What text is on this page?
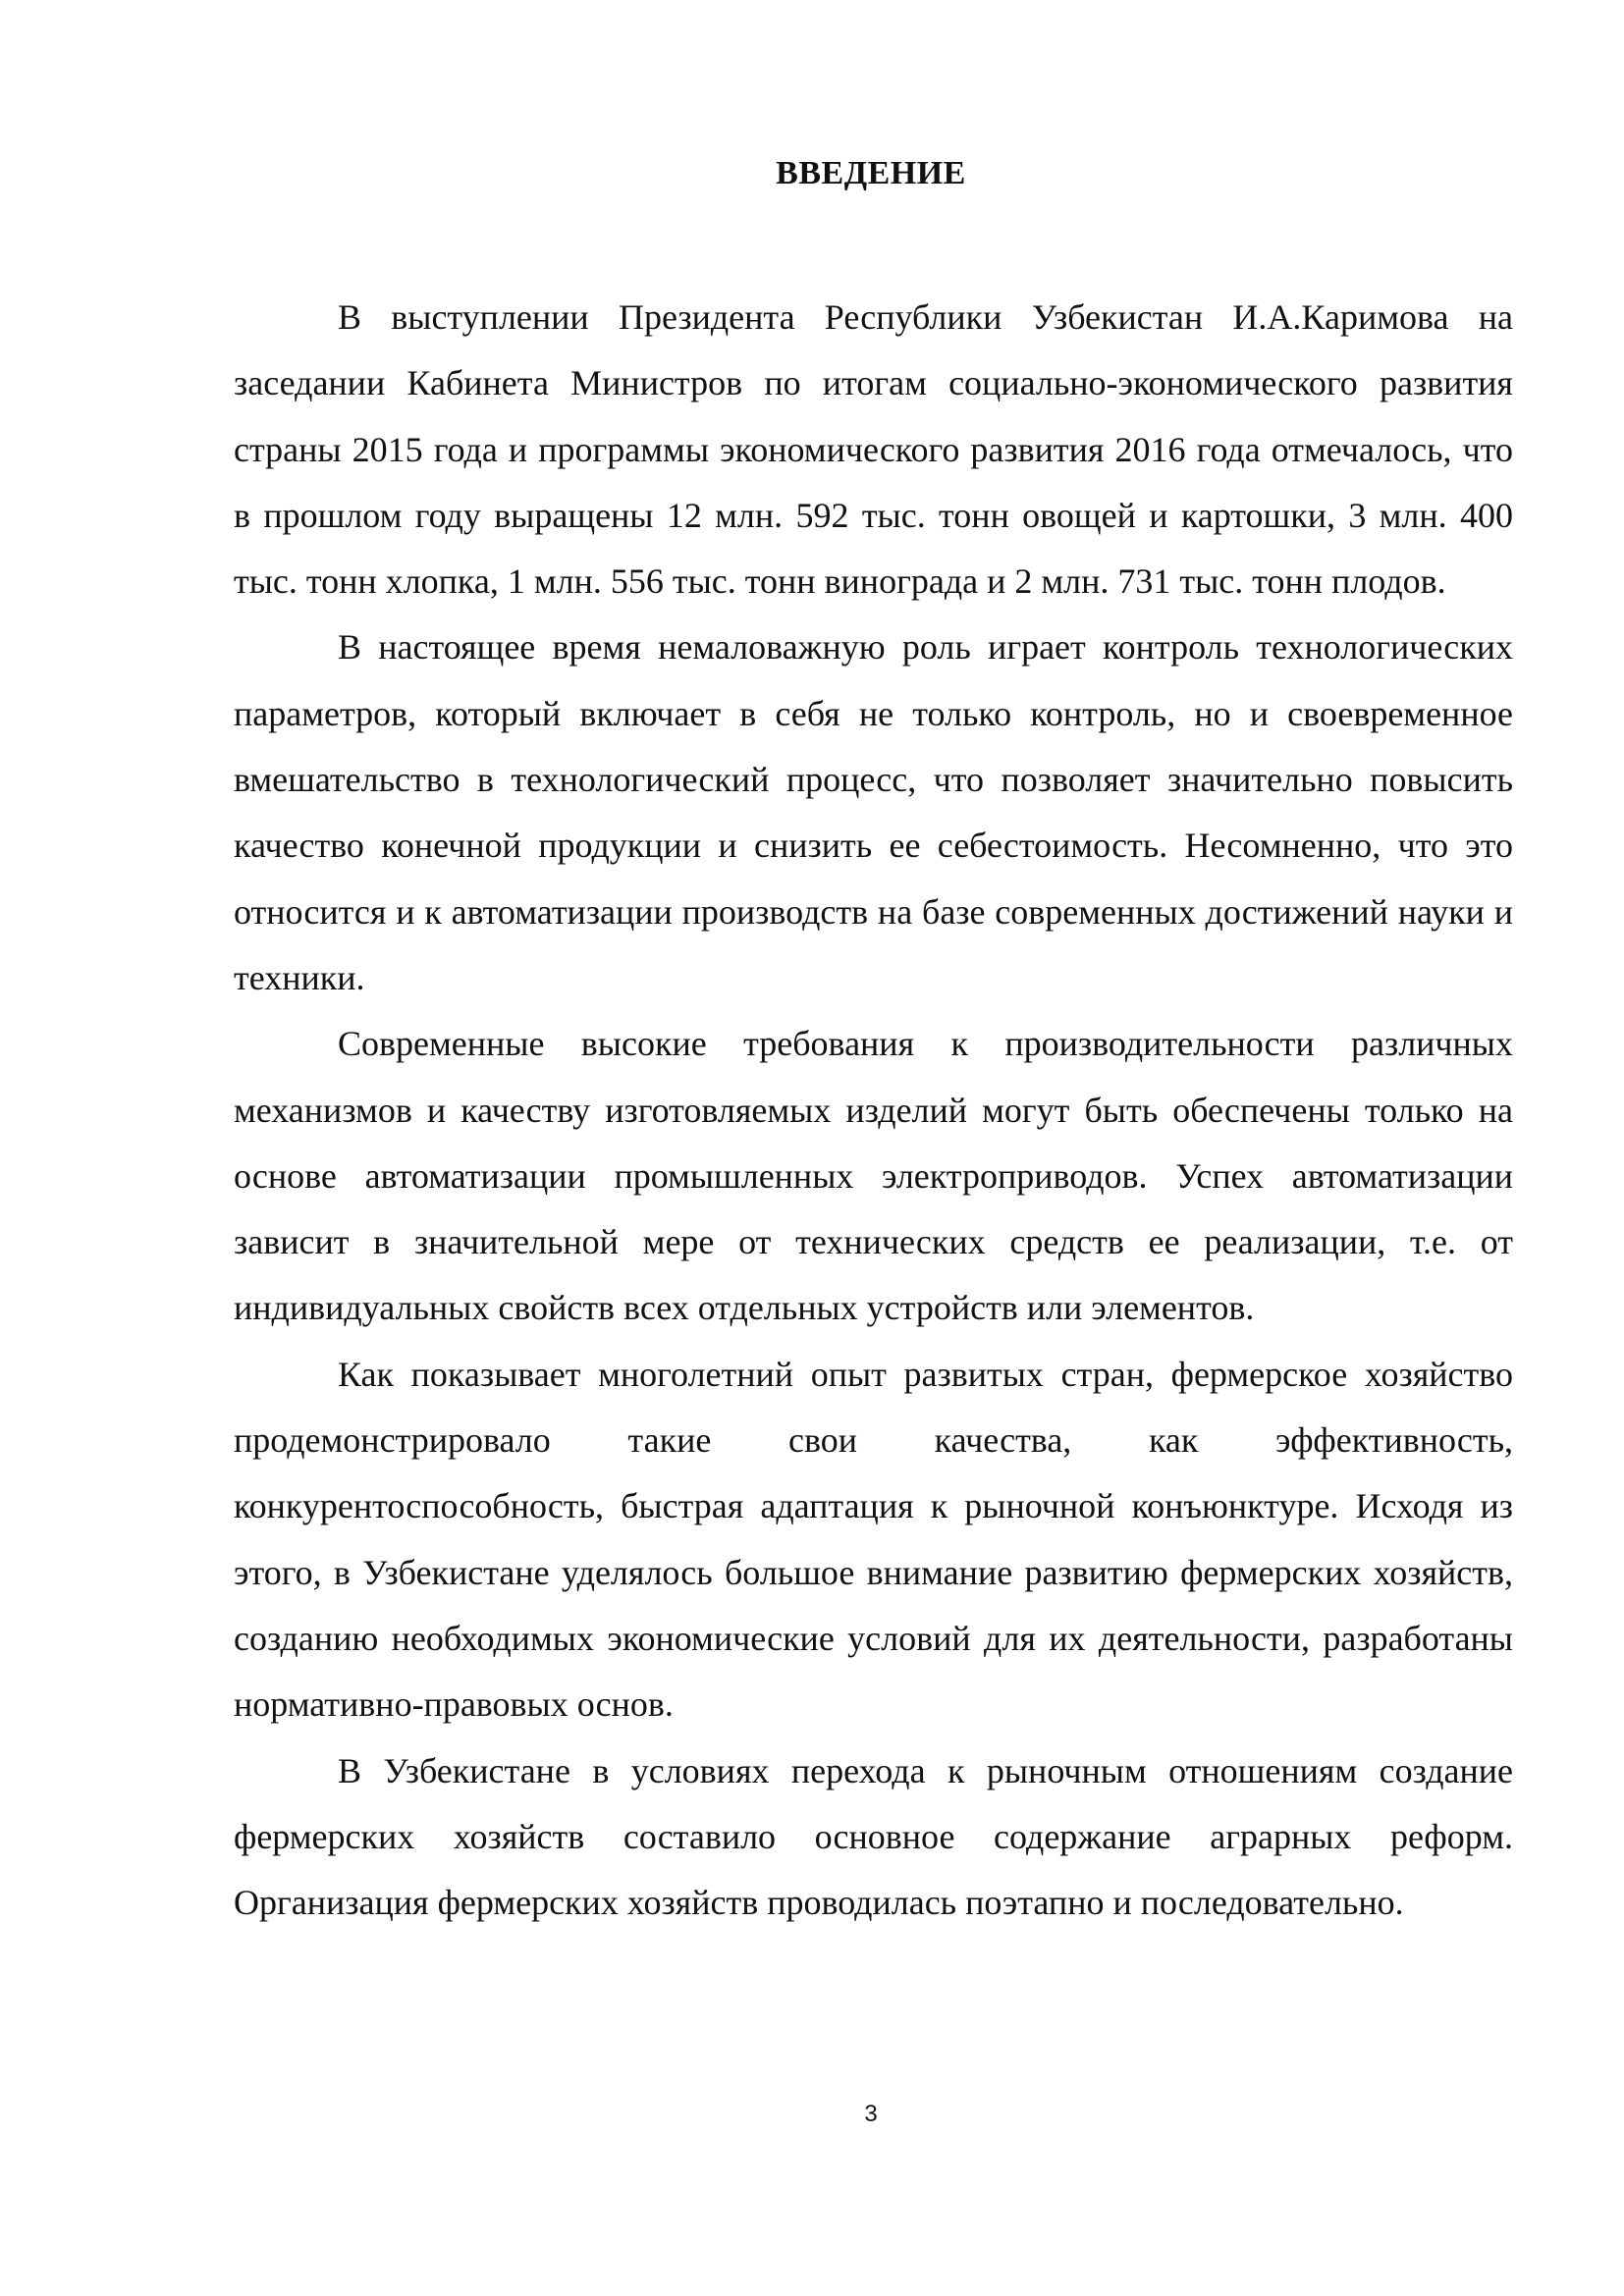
ВВЕДЕНИЕ

В выступлении Президента Республики Узбекистан И.А.Каримова на заседании Кабинета Министров по итогам социально-экономического развития страны 2015 года и программы экономического развития 2016 года отмечалось, что в прошлом году выращены 12 млн. 592 тыс. тонн овощей и картошки, 3 млн. 400 тыс. тонн хлопка, 1 млн. 556 тыс. тонн винограда и 2 млн. 731 тыс. тонн плодов.

В настоящее время немаловажную роль играет контроль технологических параметров, который включает в себя не только контроль, но и своевременное вмешательство в технологический процесс, что позволяет значительно повысить качество конечной продукции и снизить ее себестоимость. Несомненно, что это относится и к автоматизации производств на базе современных достижений науки и техники.

Современные высокие требования к производительности различных механизмов и качеству изготовляемых изделий могут быть обеспечены только на основе автоматизации промышленных электроприводов. Успех автоматизации зависит в значительной мере от технических средств ее реализации, т.е. от индивидуальных свойств всех отдельных устройств или элементов.

Как показывает многолетний опыт развитых стран, фермерское хозяйство продемонстрировало такие свои качества, как эффективность, конкурентоспособность, быстрая адаптация к рыночной конъюнктуре. Исходя из этого, в Узбекистане уделялось большое внимание развитию фермерских хозяйств, созданию необходимых экономические условий для их деятельности, разработаны нормативно-правовых основ.

В Узбекистане в условиях перехода к рыночным отношениям создание фермерских хозяйств составило основное содержание аграрных реформ. Организация фермерских хозяйств проводилась поэтапно и последовательно.

3
